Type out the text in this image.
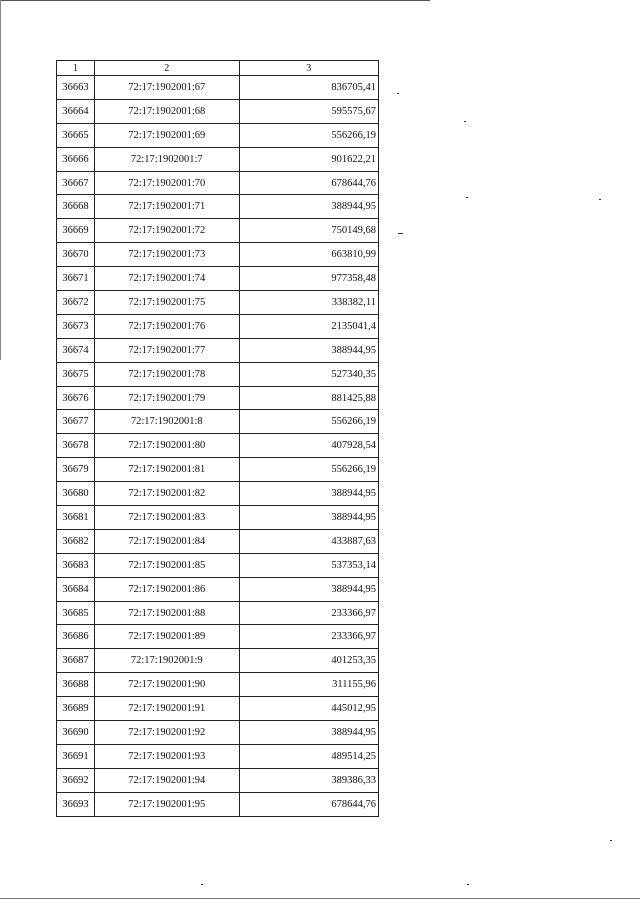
1	2	3
36663	72:17:1902001:67	836705,41
36664	72:17:1902001:68	595575,67
36665	72:17:1902001:69	556266,19
36666	72:17:1902001:7	901622,21
36667	72:17:1902001:70	678644,76
36668	72:17:1902001:71	388944,95
36669	72:17:1902001:72	750149,68
36670	72:17:1902001:73	663810,99
36671	72:17:1902001:74	977358,48
36672	72:17:1902001:75	338382,11
36673	72:17:1902001:76	2135041,4
36674	72:17:1902001:77	388944,95
36675	72:17:1902001:78	527340,35
36676	72:17:1902001:79	881425,88
36677	72:17:1902001:8	556266,19
36678	72:17:1902001:80	407928,54
36679	72:17:1902001:81	556266,19
36680	72:17:1902001:82	388944,95
36681	72:17:1902001:83	388944,95
36682	72:17:1902001:84	433887,63
36683	72:17:1902001:85	537353,14
36684	72:17:1902001:86	388944,95
36685	72:17:1902001:88	233366,97
36686	72:17:1902001:89	233366,97
36687	72:17:1902001:9	401253,35
36688	72:17:1902001:90	311155,96
36689	72:17:1902001:91	445012,95
36690	72:17:1902001:92	388944,95
36691	72:17:1902001:93	489514,25
36692	72:17:1902001:94	389386,33
36693	72:17:1902001:95	678644,76
